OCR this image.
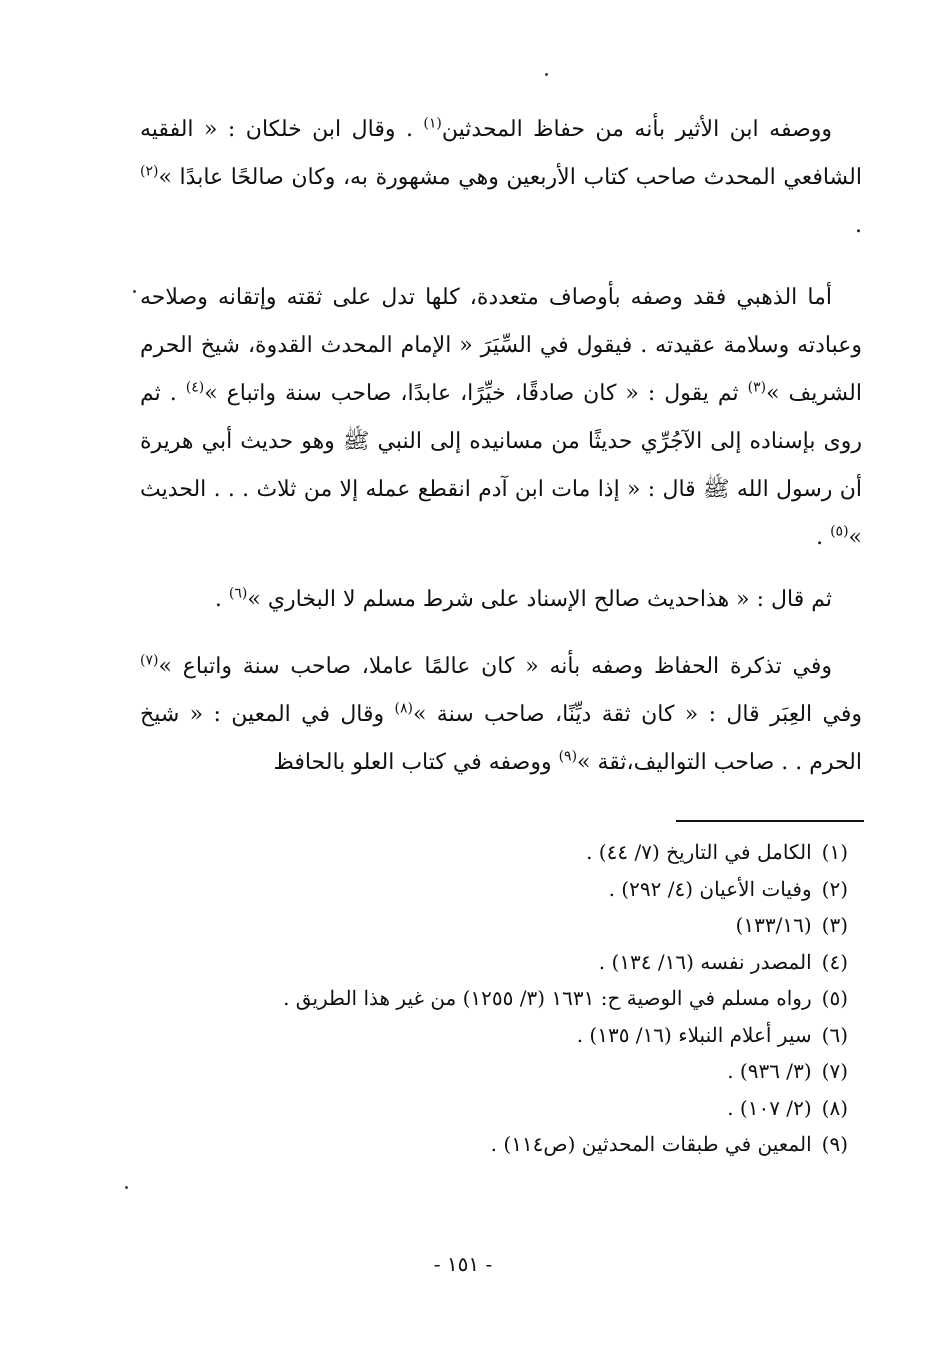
ووصفه ابن الأثير بأنه من حفاظ المحدثين$^{(١)}$ . وقال ابن خلكان : « الفقيه الشافعي المحدث صاحب كتاب الأربعين وهي مشهورة به، وكان صالحًا عابدًا »$^{(٢)}$ .

أما الذهبي فقد وصفه بأوصاف متعددة، كلها تدل على ثقته وإتقانه وصلاحه وعبادته وسلامة عقيدته . فيقول في السِّيَرَ « الإمام المحدث القدوة، شيخ الحرم الشريف »$^{(٣)}$ ثم يقول : « كان صادقًا، خيِّرًا، عابدًا، صاحب سنة واتباع »$^{(٤)}$ . ثم روى بإسناده إلى الآجُرِّي حديثًا من مسانيده إلى النبي ﷺ وهو حديث أبي هريرة أن رسول الله ﷺ قال : « إذا مات ابن آدم انقطع عمله إلا من ثلاث . . . الحديث »$^{(٥)}$ .

ثم قال : « هذاحديث صالح الإسناد على شرط مسلم لا البخاري »$^{(٦)}$ .

وفي تذكرة الحفاظ وصفه بأنه « كان عالمًا عاملا، صاحب سنة واتباع »$^{(٧)}$ وفي العِبَر قال : « كان ثقة ديِّنًا، صاحب سنة »$^{(٨)}$ وقال في المعين : « شيخ الحرم . . صاحب التواليف،ثقة »$^{(٩)}$ ووصفه في كتاب العلو بالحافظ

(١)الكامل في التاريخ (٧/ ٤٤) .
(٢)وفيات الأعيان (٤/ ٢٩٢) .
(٣)(١٣٣/١٦)
(٤)المصدر نفسه (١٦/ ١٣٤) .
(٥)رواه مسلم في الوصية ح: ١٦٣١ (٣/ ١٢٥٥) من غير هذا الطريق .
(٦)سير أعلام النبلاء (١٦/ ١٣٥) .
(٧)(٣/ ٩٣٦) .
(٨)(٢/ ١٠٧) .
(٩)المعين في طبقات المحدثين (ص١١٤) .
- ١٥١ -
